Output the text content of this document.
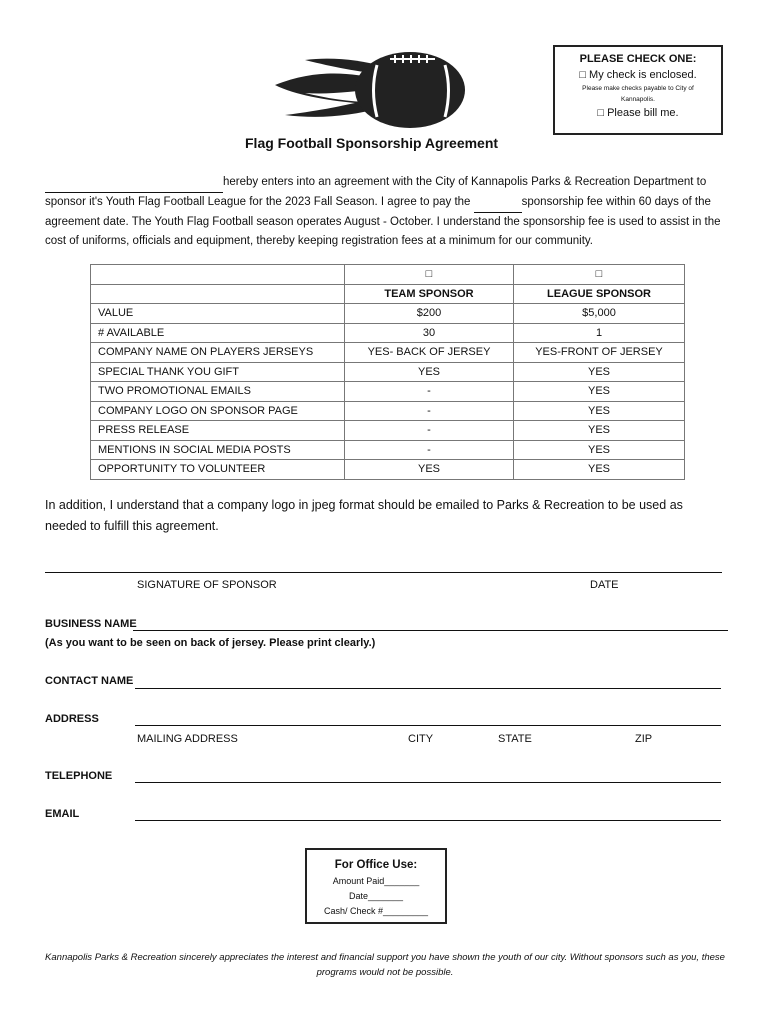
PLEASE CHECK ONE:
□ My check is enclosed.
Please make checks payable to City of Kannapolis.
□ Please bill me.
Flag Football Sponsorship Agreement
hereby enters into an agreement with the City of Kannapolis Parks & Recreation Department to
sponsor it's Youth Flag Football League for the 2023 Fall Season. I agree to pay the	sponsorship fee within 60 days of the
agreement date. The Youth Flag Football season operates August - October. I understand the sponsorship fee is used to assist in the
cost of uniforms, officials and equipment, thereby keeping registration fees at a minimum for our community.
	□	□
	TEAM SPONSOR	LEAGUE SPONSOR
VALUE	$200	$5,000
# AVAILABLE	30	1
COMPANY NAME ON PLAYERS JERSEYS	YES- BACK OF JERSEY	YES-FRONT OF JERSEY
SPECIAL THANK YOU GIFT	YES	YES
TWO PROMOTIONAL EMAILS	-	YES
COMPANY LOGO ON SPONSOR PAGE	-	YES
PRESS RELEASE	-	YES
MENTIONS IN SOCIAL MEDIA POSTS	-	YES
OPPORTUNITY TO VOLUNTEER	YES	YES
In addition, I understand that a company logo in jpeg format should be emailed to Parks & Recreation to be used as
needed to fulfill this agreement.
SIGNATURE OF SPONSOR	DATE
BUSINESS NAME
(As you want to be seen on back of jersey. Please print clearly.)
CONTACT NAME
ADDRESS
MAILING ADDRESS	CITY	STATE	ZIP
TELEPHONE
EMAIL
For Office Use:
Amount Paid_______
Date_______
Cash/ Check #_________
Kannapolis Parks & Recreation sincerely appreciates the interest and financial support you have shown the youth of our city. Without sponsors such as you, these programs would not be possible.
